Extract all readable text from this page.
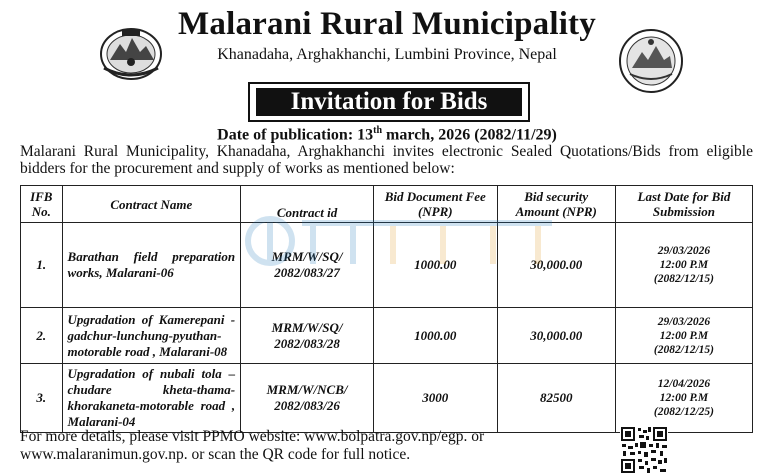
Malarani Rural Municipality
Khanadaha, Arghakhanchi, Lumbini Province, Nepal
Invitation for Bids
Date of publication: 13th march, 2026 (2082/11/29)
Malarani Rural Municipality, Khanadaha, Arghakhanchi invites electronic Sealed Quotations/Bids from eligible bidders for the procurement and supply of works as mentioned below:
IFB No.	Contract Name	Contract id	Bid Document Fee (NPR)	Bid security Amount (NPR)	Last Date for Bid Submission
1.	Barathan field preparation works, Malarani-06	MRM/W/SQ/ 2082/083/27	1000.00	30,000.00	29/03/2026
12:00 P.M
(2082/12/15)

2.	Upgradation of Kamerepani - gadchur-lunchung-pyuthan- motorable road , Malarani-08	MRM/W/SQ/ 2082/083/28	1000.00	30,000.00	29/03/2026
12:00 P.M
(2082/12/15)

3.	Upgradation of nubali tola – chudare kheta-thama- khorakaneta-motorable road , Malarani-04	MRM/W/NCB/ 2082/083/26	3000	82500	12/04/2026
12:00 P.M
(2082/12/25)
For more details, please visit PPMO website: www.bolpatra.gov.np/egp. or
www.malaranimun.gov.np. or scan the QR code for full notice.
